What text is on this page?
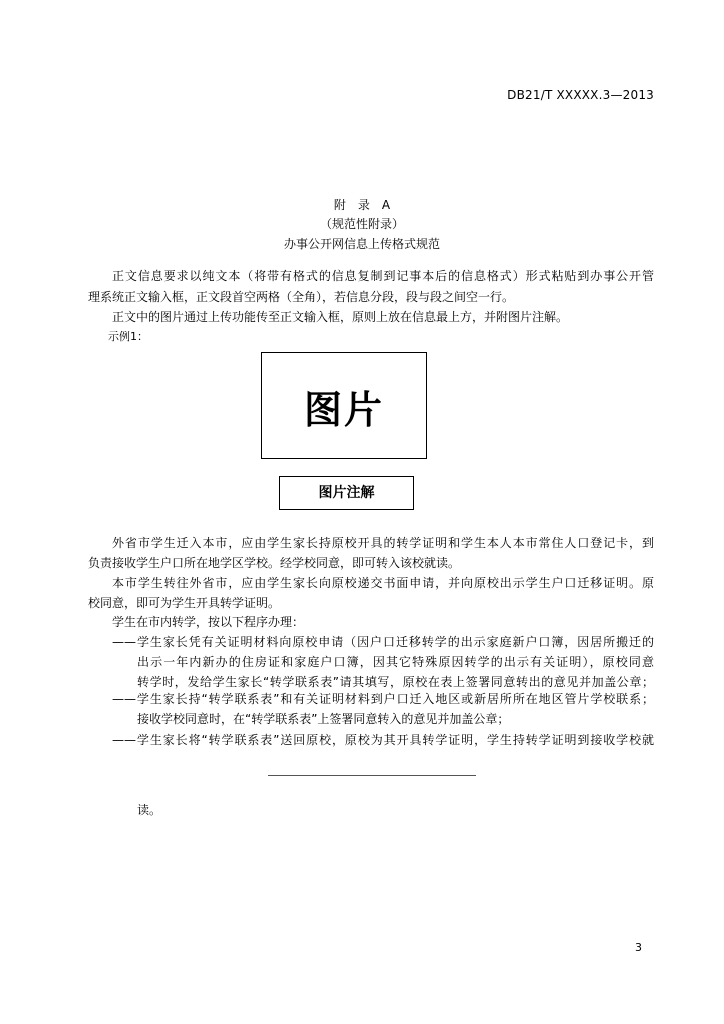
DB21/T XXXXX.3—2013
附　录　A
（规范性附录）
办事公开网信息上传格式规范
正文信息要求以纯文本（将带有格式的信息复制到记事本后的信息格式）形式粘贴到办事公开管
理系统正文输入框，正文段首空两格（全角），若信息分段，段与段之间空一行。
正文中的图片通过上传功能传至正文输入框，原则上放在信息最上方，并附图片注解。
示例1：
图片
图片注解
外省市学生迁入本市，应由学生家长持原校开具的转学证明和学生本人本市常住人口登记卡，到
负责接收学生户口所在地学区学校。经学校同意，即可转入该校就读。
本市学生转往外省市，应由学生家长向原校递交书面申请，并向原校出示学生户口迁移证明。原
校同意，即可为学生开具转学证明。
学生在市内转学，按以下程序办理：
——学生家长凭有关证明材料向原校申请（因户口迁移转学的出示家庭新户口簿，因居所搬迁的
出示一年内新办的住房证和家庭户口簿，因其它特殊原因转学的出示有关证明），原校同意
转学时，发给学生家长“转学联系表”请其填写，原校在表上签署同意转出的意见并加盖公章；
——学生家长持“转学联系表”和有关证明材料到户口迁入地区或新居所所在地区管片学校联系；
接收学校同意时，在“转学联系表”上签署同意转入的意见并加盖公章；
——学生家长将“转学联系表”送回原校，原校为其开具转学证明，学生持转学证明到接收学校就
读。
3
